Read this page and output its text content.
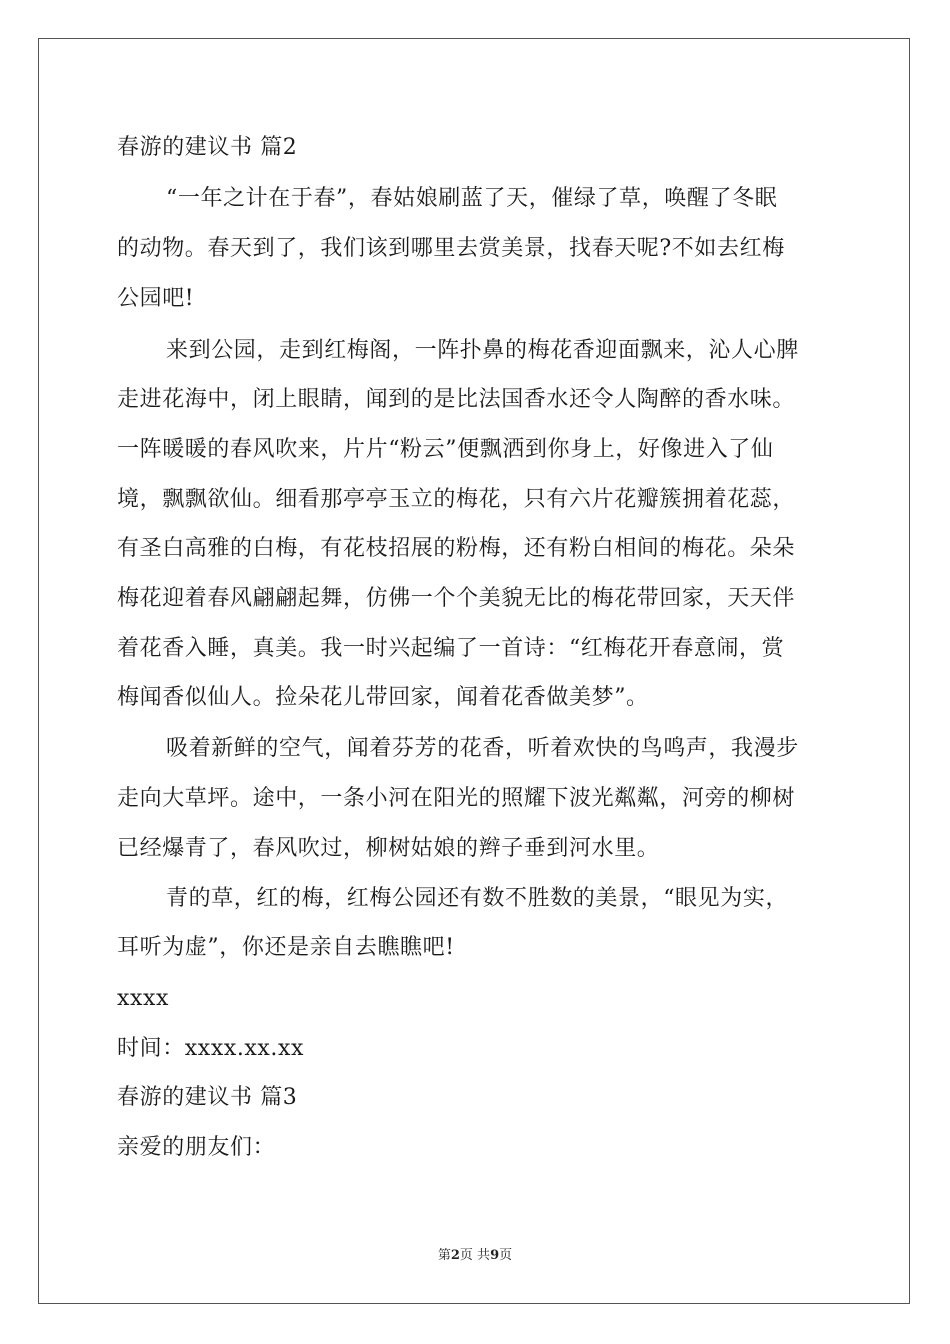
春游的建议书 篇2
“一年之计在于春”，春姑娘刷蓝了天，催绿了草，唤醒了冬眠
的动物。春天到了，我们该到哪里去赏美景，找春天呢?不如去红梅
公园吧!
来到公园，走到红梅阁，一阵扑鼻的梅花香迎面飘来，沁人心脾
走进花海中，闭上眼睛，闻到的是比法国香水还令人陶醉的香水味。
一阵暖暖的春风吹来，片片“粉云”便飘洒到你身上，好像进入了仙
境，飘飘欲仙。细看那亭亭玉立的梅花，只有六片花瓣簇拥着花蕊，
有圣白高雅的白梅，有花枝招展的粉梅，还有粉白相间的梅花。朵朵
梅花迎着春风翩翩起舞，仿佛一个个美貌无比的梅花带回家，天天伴
着花香入睡，真美。我一时兴起编了一首诗：“红梅花开春意闹，赏
梅闻香似仙人。捡朵花儿带回家，闻着花香做美梦”。
吸着新鲜的空气，闻着芬芳的花香，听着欢快的鸟鸣声，我漫步
走向大草坪。途中，一条小河在阳光的照耀下波光粼粼，河旁的柳树
已经爆青了，春风吹过，柳树姑娘的辫子垂到河水里。
青的草，红的梅，红梅公园还有数不胜数的美景，“眼见为实，
耳听为虚”，你还是亲自去瞧瞧吧!
xxxx
时间：xxxx.xx.xx
春游的建议书 篇3
亲爱的朋友们：
第2页 共9页
